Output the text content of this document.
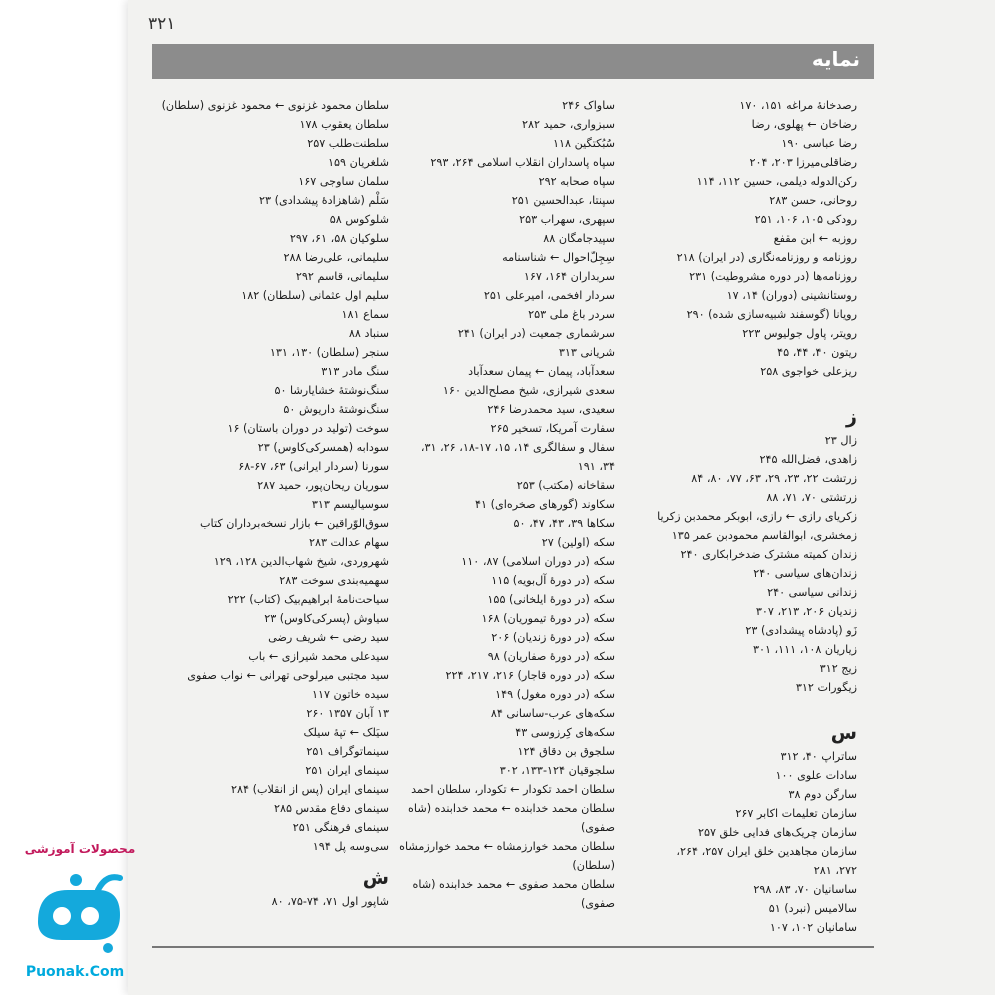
۳۲۱
نمایه
رصدخانهٔ مراغه ۱۵۱، ۱۷۰
رضاخان ← پهلوی، رضا
رضا عباسی ۱۹۰
رضاقلی‌میرزا ۲۰۳، ۲۰۴
رکن‌الدوله دیلمی، حسین ۱۱۲، ۱۱۴
روحانی، حسن ۲۸۳
رودکی ۱۰۵، ۱۰۶، ۲۵۱
روزبه ← ابن مقفع
روزنامه و روزنامه‌نگاری (در ایران) ۲۱۸
روزنامه‌ها (در دوره مشروطیت) ۲۳۱
روستانشینی (دوران) ۱۴، ۱۷
رویانا (گوسفند شبیه‌سازی شده) ۲۹۰
رویتر، پاول جولیوس ۲۲۳
ریتون ۴۰، ۴۴، ۴۵
ریزعلی خواجوی ۲۵۸
ز
زال ۲۳
زاهدی، فضل‌الله ۲۴۵
زرتشت ۲۲، ۲۳، ۲۹، ۶۳، ۷۷، ۸۰، ۸۴
زرتشتی ۷۰، ۷۱، ۸۸
زکریای رازی ← رازی، ابوبکر محمدبن زکریا
زمخشری، ابوالقاسم محمودبن عمر ۱۳۵
زندان کمیته مشترک ضدخرابکاری ۲۴۰
زندان‌های سیاسی ۲۴۰
زندانی سیاسی ۲۴۰
زندیان ۲۰۶، ۲۱۳، ۳۰۷
زَو (پادشاه پیشدادی) ۲۳
زیاریان ۱۰۸، ۱۱۱، ۳۰۱
زیج ۳۱۲
زیگورات ۳۱۲
س
ساتراپ ۴۰، ۳۱۲
سادات علوی ۱۰۰
سارگن دوم ۳۸
سازمان تعلیمات اکابر ۲۶۷
سازمان چریک‌های فدایی خلق ۲۵۷
سازمان مجاهدین خلق ایران ۲۵۷، ۲۶۴،
۲۷۲، ۲۸۱
ساسانیان ۷۰، ۸۳، ۲۹۸
سالامیس (نبرد) ۵۱
سامانیان ۱۰۲، ۱۰۷
ساواک ۲۴۶
سبزواری، حمید ۲۸۲
سُبُکتگین ۱۱۸
سپاه پاسداران انقلاب اسلامی ۲۶۴، ۲۹۳
سپاه صحابه ۲۹۲
سپنتا، عبدالحسین ۲۵۱
سپهری، سهراب ۲۵۳
سپیدجامگان ۸۸
سِجِلّ‌احوال ← شناسنامه
سربداران ۱۶۴، ۱۶۷
سردار افخمی، امیرعلی ۲۵۱
سردر باغ ملی ۲۵۳
سرشماری جمعیت (در ایران) ۲۴۱
شریانی ۳۱۳
سعدآباد، پیمان ← پیمان سعدآباد
سعدی شیرازی، شیخ مصلح‌الدین ۱۶۰
سعیدی، سید محمدرضا ۲۴۶
سفارت آمریکا، تسخیر ۲۶۵
سفال و سفالگری ۱۴، ۱۵، ۱۷-۱۸، ۲۶، ۳۱،
۳۴، ۱۹۱
سقاخانه (مکتب) ۲۵۳
سکاوند (گورهای صخره‌ای) ۴۱
سکاها ۳۹، ۴۳، ۴۷، ۵۰
سکه (اولین) ۲۷
سکه (در دوران اسلامی) ۸۷، ۱۱۰
سکه (در دورهٔ آل‌بویه) ۱۱۵
سکه (در دورهٔ ایلخانی) ۱۵۵
سکه (در دورهٔ تیموریان) ۱۶۸
سکه (در دورهٔ زندیان) ۲۰۶
سکه (در دورهٔ صفاریان) ۹۸
سکه (در دوره قاجار) ۲۱۶، ۲۱۷، ۲۲۴
سکه (در دوره مغول) ۱۴۹
سکه‌های عرب-ساسانی ۸۴
سکه‌های کِرزوسی ۴۳
سلجوق بن دقاق ۱۲۴
سلجوقیان ۱۲۴-۱۳۳، ۳۰۲
سلطان احمد تکودار ← تکودار، سلطان احمد
سلطان محمد خدابنده ← محمد خدابنده (شاه
صفوی)
سلطان محمد خوارزمشاه ← محمد خوارزمشاه
(سلطان)
سلطان محمد صفوی ← محمد خدابنده (شاه
صفوی)
سلطان محمود غزنوی ← محمود غزنوی (سلطان)
سلطان یعقوب ۱۷۸
سلطنت‌طلب ۲۵۷
شلغریان ۱۵۹
سلمان ساوجی ۱۶۷
سَلْم (شاهزادهٔ پیشدادی) ۲۳
شلوکوس ۵۸
سلوکیان ۵۸، ۶۱، ۲۹۷
سلیمانی، علی‌رضا ۲۸۸
سلیمانی، قاسم ۲۹۲
سلیم اول عثمانی (سلطان) ۱۸۲
سماع ۱۸۱
سنباد ۸۸
سنجر (سلطان) ۱۳۰، ۱۳۱
سنگ مادر ۳۱۳
سنگ‌نوشتهٔ خشایارشا ۵۰
سنگ‌نوشتهٔ داریوش ۵۰
سوخت (تولید در دوران باستان) ۱۶
سودابه (همسرکی‌کاوس) ۲۳
سورنا (سردار ایرانی) ۶۳، ۶۷-۶۸
سوریان ریحان‌پور، حمید ۲۸۷
سوسیالیسم ۳۱۳
سوق‌الوّراقین ← بازار نسخه‌برداران کتاب
سهام عدالت ۲۸۳
شهروردی، شیخ شهاب‌الدین ۱۲۸، ۱۲۹
سهمیه‌بندی سوخت ۲۸۳
سیاحت‌نامهٔ ابراهیم‌بیک (کتاب) ۲۲۲
سیاوش (پسرکی‌کاوس) ۲۳
سید رضی ← شریف رضی
سیدعلی محمد شیرازی ← باب
سید مجتبی میرلوحی تهرانی ← نواب صفوی
سیده خاتون ۱۱۷
۱۳ آبان ۱۳۵۷ ۲۶۰
سیَلک ← تپهٔ سیلک
سینماتوگراف ۲۵۱
سینمای ایران ۲۵۱
سینمای ایران (پس از انقلاب) ۲۸۴
سینمای دفاع مقدس ۲۸۵
سینمای فرهنگی ۲۵۱
سی‌وسه پل ۱۹۴
ش
شاپور اول ۷۱، ۷۴-۷۵، ۸۰
محصولات آموزشی
Puonak.Com
